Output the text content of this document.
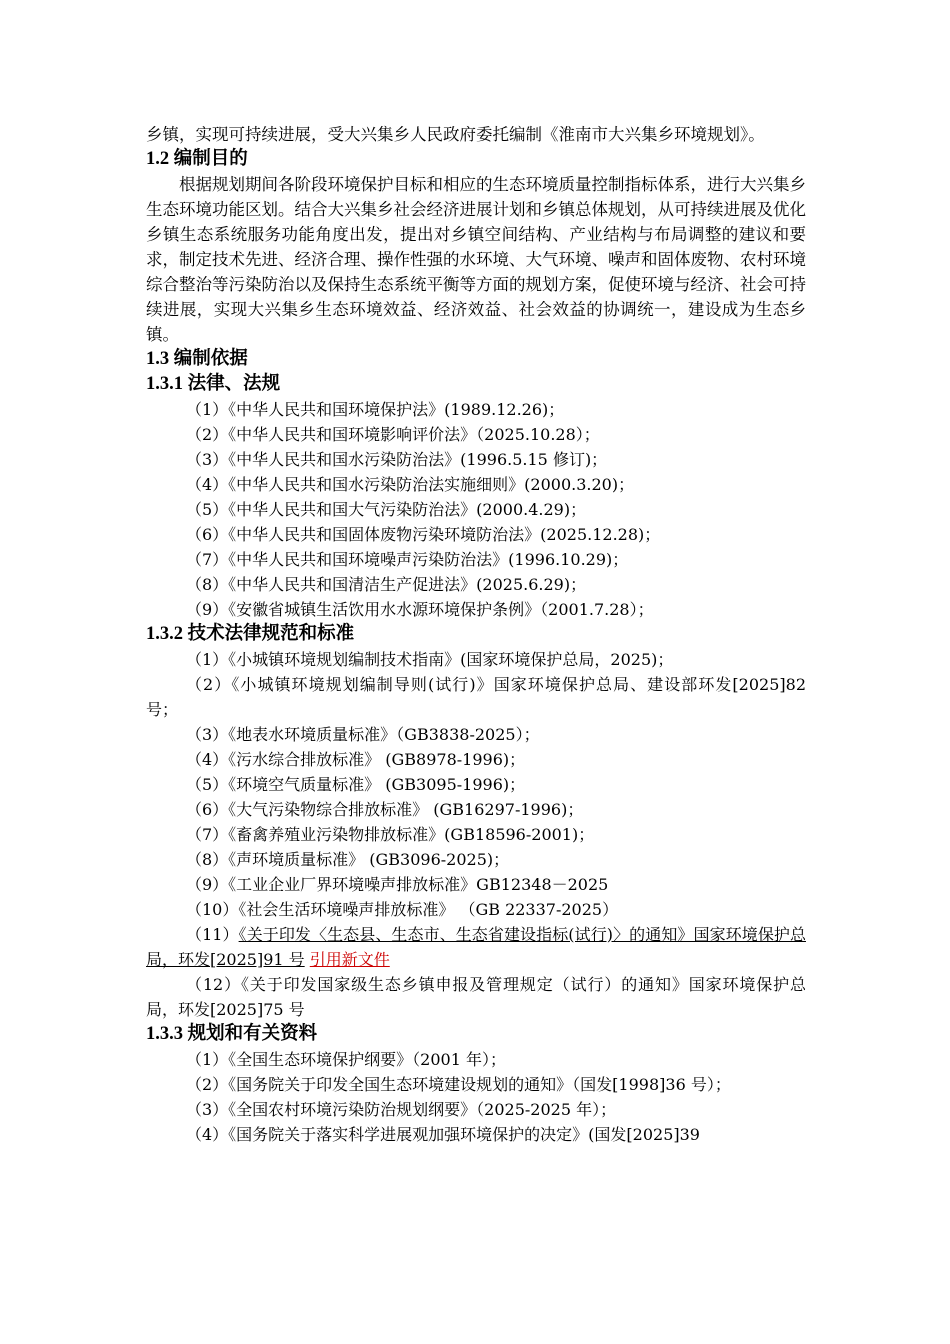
乡镇，实现可持续进展，受大兴集乡人民政府委托编制《淮南市大兴集乡环境规划》。

1.2 编制目的

根据规划期间各阶段环境保护目标和相应的生态环境质量控制指标体系，进行大兴集乡生态环境功能区划。结合大兴集乡社会经济进展计划和乡镇总体规划，从可持续进展及优化乡镇生态系统服务功能角度出发，提出对乡镇空间结构、产业结构与布局调整的建议和要求，制定技术先进、经济合理、操作性强的水环境、大气环境、噪声和固体废物、农村环境综合整治等污染防治以及保持生态系统平衡等方面的规划方案，促使环境与经济、社会可持续进展，实现大兴集乡生态环境效益、经济效益、社会效益的协调统一，建设成为生态乡镇。

1.3 编制依据

1.3.1 法律、法规

（1）《中华人民共和国环境保护法》(1989.12.26)；

（2）《中华人民共和国环境影响评价法》（2025.10.28）；

（3）《中华人民共和国水污染防治法》(1996.5.15 修订)；

（4）《中华人民共和国水污染防治法实施细则》(2000.3.20)；

（5）《中华人民共和国大气污染防治法》(2000.4.29)；

（6）《中华人民共和国固体废物污染环境防治法》(2025.12.28)；

（7）《中华人民共和国环境噪声污染防治法》(1996.10.29)；

（8）《中华人民共和国清洁生产促进法》(2025.6.29)；

（9）《安徽省城镇生活饮用水水源环境保护条例》（2001.7.28）；

1.3.2 技术法律规范和标准

（1）《小城镇环境规划编制技术指南》(国家环境保护总局，2025)；

（2）《小城镇环境规划编制导则(试行)》国家环境保护总局、建设部环发[2025]82 号；

（3）《地表水环境质量标准》（GB3838-2025）；

（4）《污水综合排放标准》 (GB8978-1996)；

（5）《环境空气质量标准》 (GB3095-1996)；

（6）《大气污染物综合排放标准》 (GB16297-1996)；

（7）《畜禽养殖业污染物排放标准》(GB18596-2001)；

（8）《声环境质量标准》 (GB3096-2025)；

（9）《工业企业厂界环境噪声排放标准》GB12348－2025

（10）《社会生活环境噪声排放标准》 （GB 22337-2025）

（11）《关于印发〈生态县、生态市、生态省建设指标(试行)〉的通知》国家环境保护总局，环发[2025]91 号 引用新文件

（12）《关于印发国家级生态乡镇申报及管理规定（试行）的通知》国家环境保护总局，环发[2025]75 号

1.3.3 规划和有关资料

（1）《全国生态环境保护纲要》（2001 年）；

（2）《国务院关于印发全国生态环境建设规划的通知》（国发[1998]36 号）；

（3）《全国农村环境污染防治规划纲要》（2025-2025 年）；

（4）《国务院关于落实科学进展观加强环境保护的决定》(国发[2025]39
